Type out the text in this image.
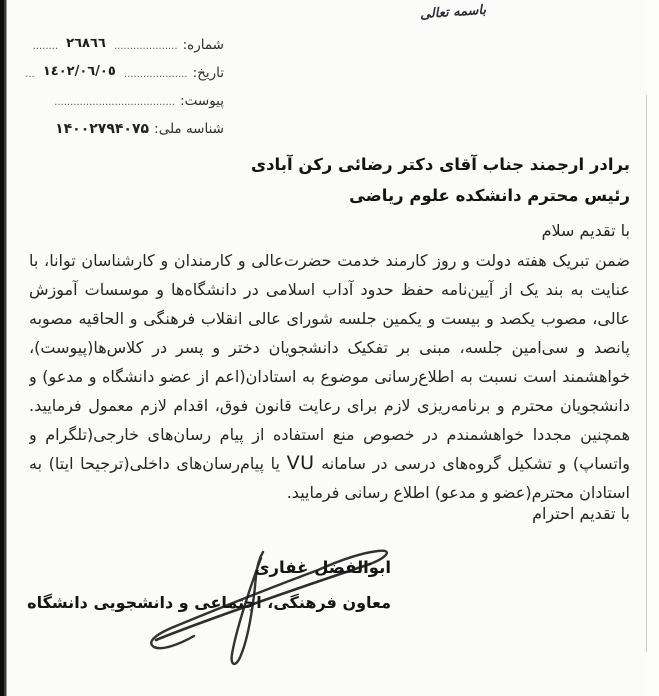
باسمه تعالی
شماره: .................... ٢٦٨٦٦ ........
تاریخ: .................... ١٤٠٢/٠٦/٠٥ ...
پیوست: ......................................
شناسه ملی: ۱۴۰۰۲۷۹۴۰۷۵
برادر ارجمند جناب آقای دکتر رضائی رکن آبادی
رئیس محترم دانشکده علوم ریاضی
با تقدیم سلام
ضمن تبریک هفته دولت و روز کارمند خدمت حضرت‌عالی و کارمندان و کارشناسان توانا، با
عنایت به بند یک از آیین‌نامه حفظ حدود آداب اسلامی در دانشگاه‌ها و موسسات آموزش
عالی، مصوب یکصد و بیست و یکمین جلسه شورای عالی انقلاب فرهنگی و الحاقیه مصوبه
پانصد و سی‌امین جلسه، مبنی بر تفکیک دانشجویان دختر و پسر در کلاس‌ها(پیوست)،
خواهشمند است نسبت به اطلاع‌رسانی موضوع به استادان(اعم از عضو دانشگاه و مدعو) و
دانشجویان محترم و برنامه‌ریزی لازم برای رعایت قانون فوق، اقدام لازم معمول فرمایید.
همچنین مجددا خواهشمندم در خصوص منع استفاده از پیام رسان‌های خارجی(تلگرام و
واتساپ) و تشکیل گروه‌های درسی در سامانه VU یا پیام‌رسان‌های داخلی(ترجیحا ایتا) به
استادان محترم(عضو و مدعو) اطلاع رسانی فرمایید.
با تقدیم احترام
ابوالفضل غفاری
معاون فرهنگی، اجتماعی و دانشجویی دانشگاه
